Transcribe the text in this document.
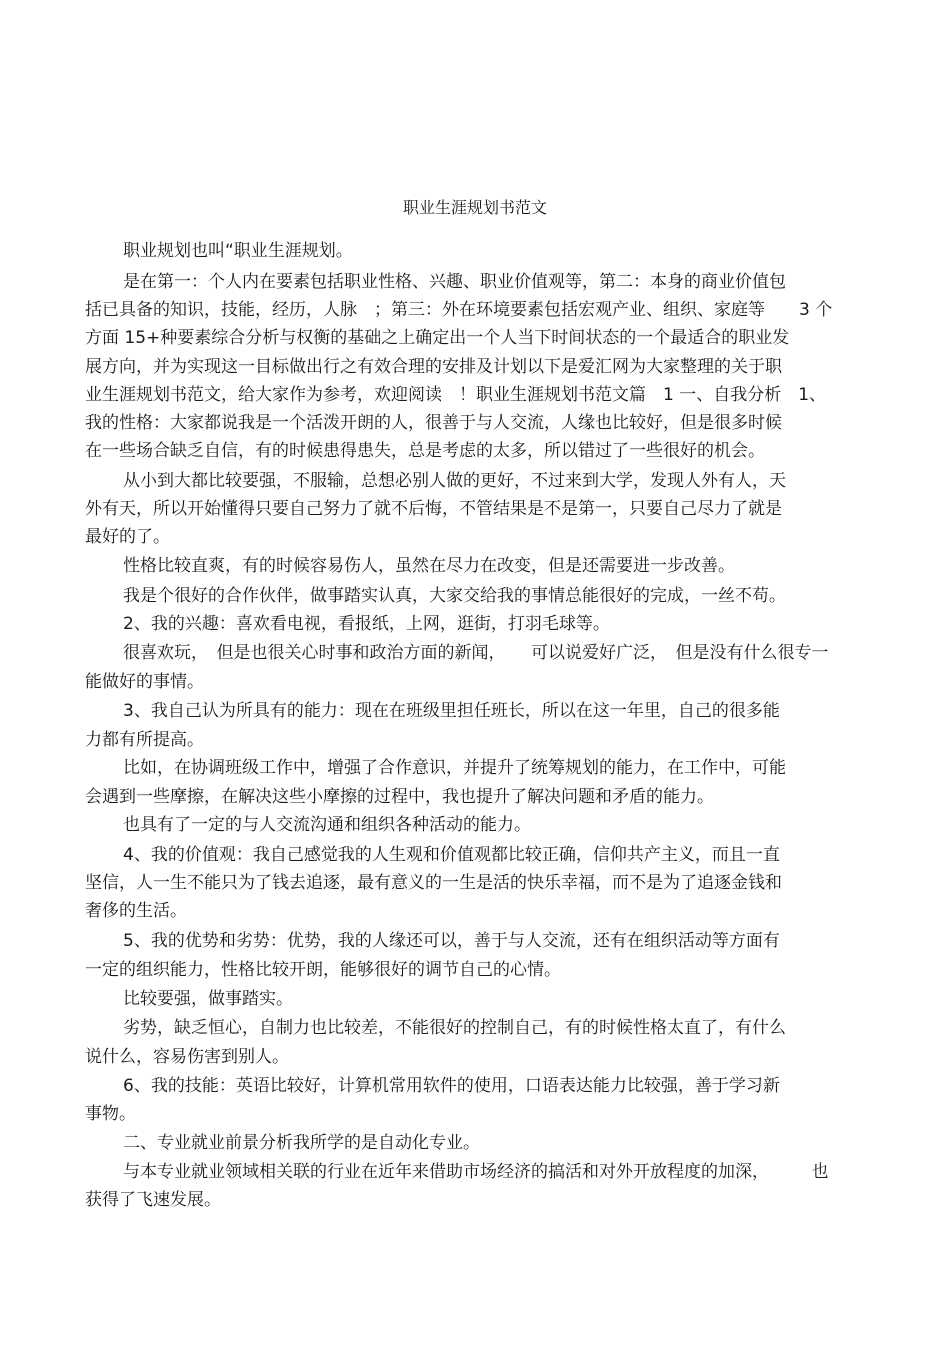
职业生涯规划书范文

职业规划也叫“职业生涯规划。

是在第一：个人内在要素包括职业性格、兴趣、职业价值观等，第二：本身的商业价值包

括已具备的知识，技能，经历，人脉　；第三：外在环境要素包括宏观产业、组织、家庭等　　3 个

方面 15+种要素综合分析与权衡的基础之上确定出一个人当下时间状态的一个最适合的职业发

展方向，并为实现这一目标做出行之有效合理的安排及计划以下是爱汇网为大家整理的关于职

业生涯规划书范文，给大家作为参考，欢迎阅读　！职业生涯规划书范文篇　1 一、自我分析　1、

我的性格：大家都说我是一个活泼开朗的人，很善于与人交流，人缘也比较好，但是很多时候

在一些场合缺乏自信，有的时候患得患失，总是考虑的太多，所以错过了一些很好的机会。

从小到大都比较要强，不服输，总想必别人做的更好，不过来到大学，发现人外有人，天

外有天，所以开始懂得只要自己努力了就不后悔，不管结果是不是第一，只要自己尽力了就是

最好的了。

性格比较直爽，有的时候容易伤人，虽然在尽力在改变，但是还需要进一步改善。

我是个很好的合作伙伴，做事踏实认真，大家交给我的事情总能很好的完成，一丝不苟。

2、我的兴趣：喜欢看电视，看报纸，上网，逛街，打羽毛球等。

很喜欢玩，　但是也很关心时事和政治方面的新闻，　　可以说爱好广泛，　但是没有什么很专一

能做好的事情。

3、我自己认为所具有的能力：现在在班级里担任班长，所以在这一年里，自己的很多能

力都有所提高。

比如，在协调班级工作中，增强了合作意识，并提升了统筹规划的能力，在工作中，可能

会遇到一些摩擦，在解决这些小摩擦的过程中，我也提升了解决问题和矛盾的能力。

也具有了一定的与人交流沟通和组织各种活动的能力。

4、我的价值观：我自己感觉我的人生观和价值观都比较正确，信仰共产主义，而且一直

坚信，人一生不能只为了钱去追逐，最有意义的一生是活的快乐幸福，而不是为了追逐金钱和

奢侈的生活。

5、我的优势和劣势：优势，我的人缘还可以，善于与人交流，还有在组织活动等方面有

一定的组织能力，性格比较开朗，能够很好的调节自己的心情。

比较要强，做事踏实。

劣势，缺乏恒心，自制力也比较差，不能很好的控制自己，有的时候性格太直了，有什么

说什么，容易伤害到别人。

6、我的技能：英语比较好，计算机常用软件的使用，口语表达能力比较强，善于学习新

事物。

二、专业就业前景分析我所学的是自动化专业。

与本专业就业领域相关联的行业在近年来借助市场经济的搞活和对外开放程度的加深，　　　也

获得了飞速发展。
